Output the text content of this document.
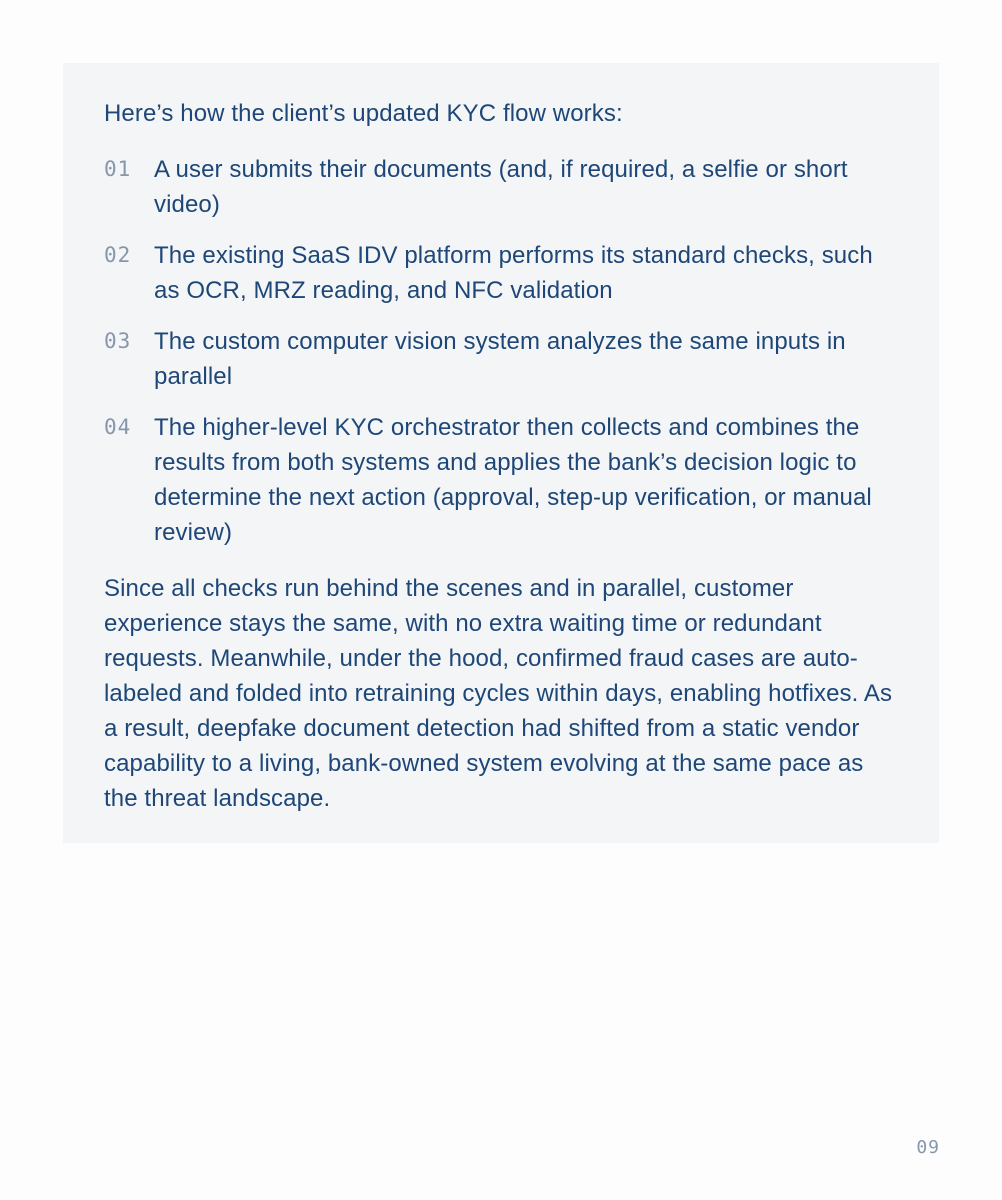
Here’s how the client’s updated KYC flow works:

01 A user submits their documents (and, if required, a selfie or short video)
02 The existing SaaS IDV platform performs its standard checks, such as OCR, MRZ reading, and NFC validation
03 The custom computer vision system analyzes the same inputs in parallel
04 The higher-level KYC orchestrator then collects and combines the results from both systems and applies the bank’s decision logic to determine the next action (approval, step-up verification, or manual review)

Since all checks run behind the scenes and in parallel, customer experience stays the same, with no extra waiting time or redundant requests. Meanwhile, under the hood, confirmed fraud cases are auto-labeled and folded into retraining cycles within days, enabling hotfixes. As a result, deepfake document detection had shifted from a static vendor capability to a living, bank-owned system evolving at the same pace as the threat landscape.

09
